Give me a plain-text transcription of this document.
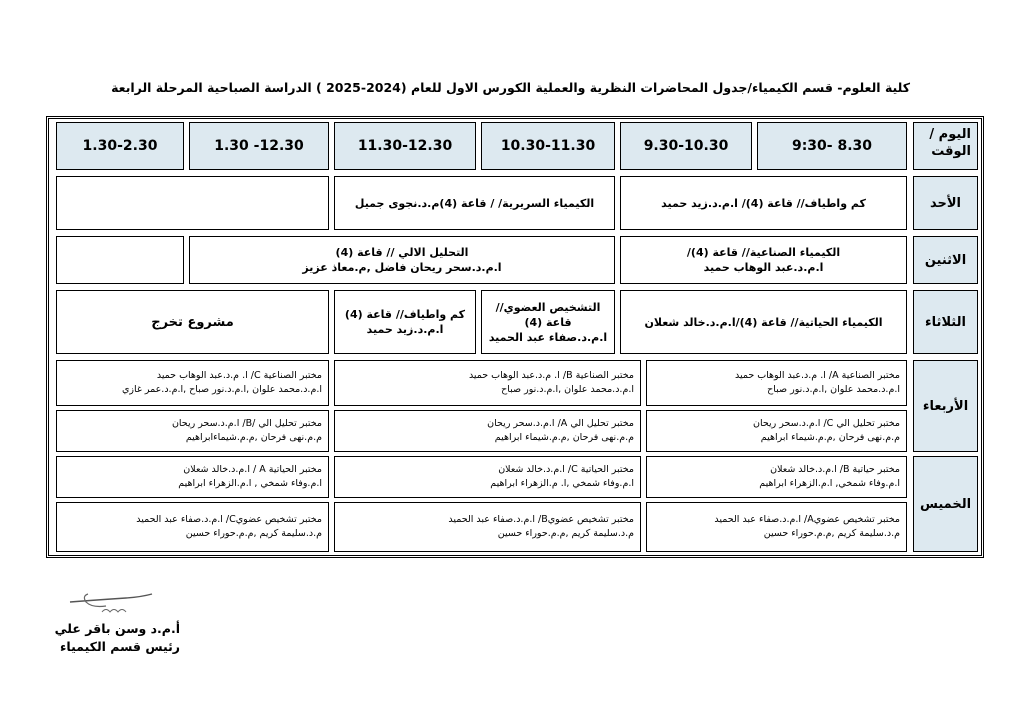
كلية العلوم- قسم الكيمياء/جدول المحاضرات النظرية والعملية الكورس الاول للعام (2024-2025 ) الدراسة الصباحية المرحلة الرابعة
اليوم /
الوقت
8.30 -9:30
9.30-10.30
10.30-11.30
11.30-12.30
12.30- 1.30
1.30-2.30
الأحد
كم واطياف// قاعة (4)/ ا.م.د.زيد حميد
الكيمياء السريرية/ / قاعة (4)م.د.نجوى جميل
الاثنين
الكيمياء الصناعية// قاعة (4)/
ا.م.د.عبد الوهاب حميد
التحليل الالي // قاعة (4)
ا.م.د.سحر ريحان فاضل ,م.معاذ عزيز
الثلاثاء
الكيمياء الحياتية// قاعة (4)/ا.م.د.خالد شعلان
التشخيص العضوي//
قاعة (4)
ا.م.د.صفاء عبد الحميد
كم واطياف// قاعة (4)
ا.م.د.زيد حميد
مشروع تخرج
الأربعاء
مختبر الصناعية A/ ا. م.د.عبد الوهاب حميد
ا.م.د.محمد علوان ,ا.م.د.نور صباح
مختبر الصناعية B/ ا. م.د.عبد الوهاب حميد
ا.م.د.محمد علوان ,ا.م.د.نور صباح
مختبر الصناعية C/ ا. م.د.عبد الوهاب حميد
ا.م.د.محمد علوان ,ا.م.د.نور صباح ,ا.م.د.عمر غازي
مختبر تحليل الي C/ ا.م.د.سحر ريحان
م.م.نهى فرحان ,م.م.شيماء ابراهيم
مختبر تحليل الي A/ ا.م.د.سحر ريحان
م.م.نهى فرحان ,م.م.شيماء ابراهيم
مختبر تحليل الي /B/ ا.م.د.سحر ريحان
م.م.نهى فرحان ,م.م.شيماءابراهيم
الخميس
مختبر حياتية B/ ا.م.د.خالد شعلان
ا.م.وفاء شمخي, ا.م.الزهراء ابراهيم
مختبر الحياتية C/ ا.م.د.خالد شعلان
ا.م.وفاء شمخي ,ا. م.الزهراء ابراهيم
مختبر الحياتية A / ا.م.د.خالد شعلان
ا.م.وفاء شمخي , ا.م.الزهراء ابراهيم
مختبر تشخيص عضويA/ ا.م.د.صفاء عبد الحميد
م.د.سليمة كريم ,م.م.حوراء حسين
مختبر تشخيص عضويB/ ا.م.د.صفاء عبد الحميد
م.د.سليمة كريم ,م.م.حوراء حسين
مختبر تشخيص عضويC/ ا.م.د.صفاء عبد الحميد
م.د.سليمة كريم ,م.م.حوراء حسين
أ.م.د وسن باقر علي
رئيس قسم الكيمياء
